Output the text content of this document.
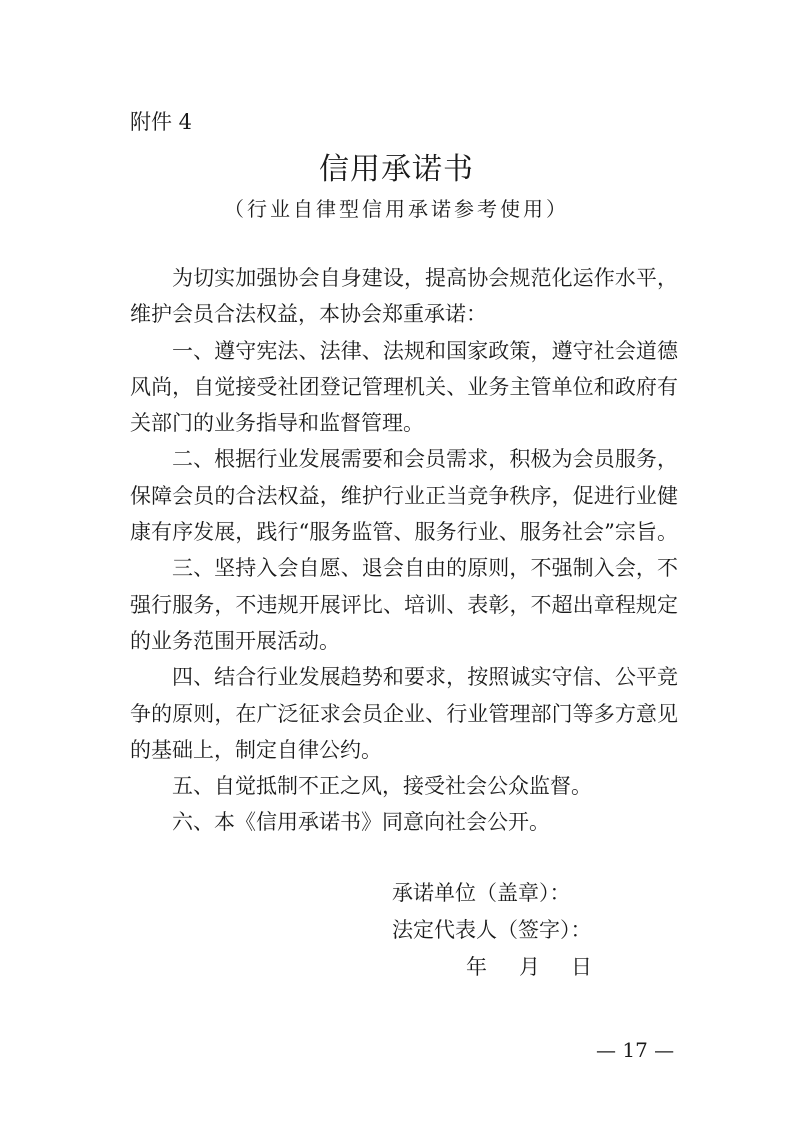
附件 4
信用承诺书
（行业自律型信用承诺参考使用）
为切实加强协会自身建设，提高协会规范化运作水平，
维护会员合法权益，本协会郑重承诺：
一、遵守宪法、法律、法规和国家政策，遵守社会道德
风尚，自觉接受社团登记管理机关、业务主管单位和政府有
关部门的业务指导和监督管理。
二、根据行业发展需要和会员需求，积极为会员服务，
保障会员的合法权益，维护行业正当竞争秩序，促进行业健
康有序发展，践行“服务监管、服务行业、服务社会”宗旨。
三、坚持入会自愿、退会自由的原则，不强制入会，不
强行服务，不违规开展评比、培训、表彰，不超出章程规定
的业务范围开展活动。
四、结合行业发展趋势和要求，按照诚实守信、公平竞
争的原则，在广泛征求会员企业、行业管理部门等多方意见
的基础上，制定自律公约。
五、自觉抵制不正之风，接受社会公众监督。
六、本《信用承诺书》同意向社会公开。
承诺单位（盖章）：
法定代表人（签字）：
年 月 日
— 17 —
